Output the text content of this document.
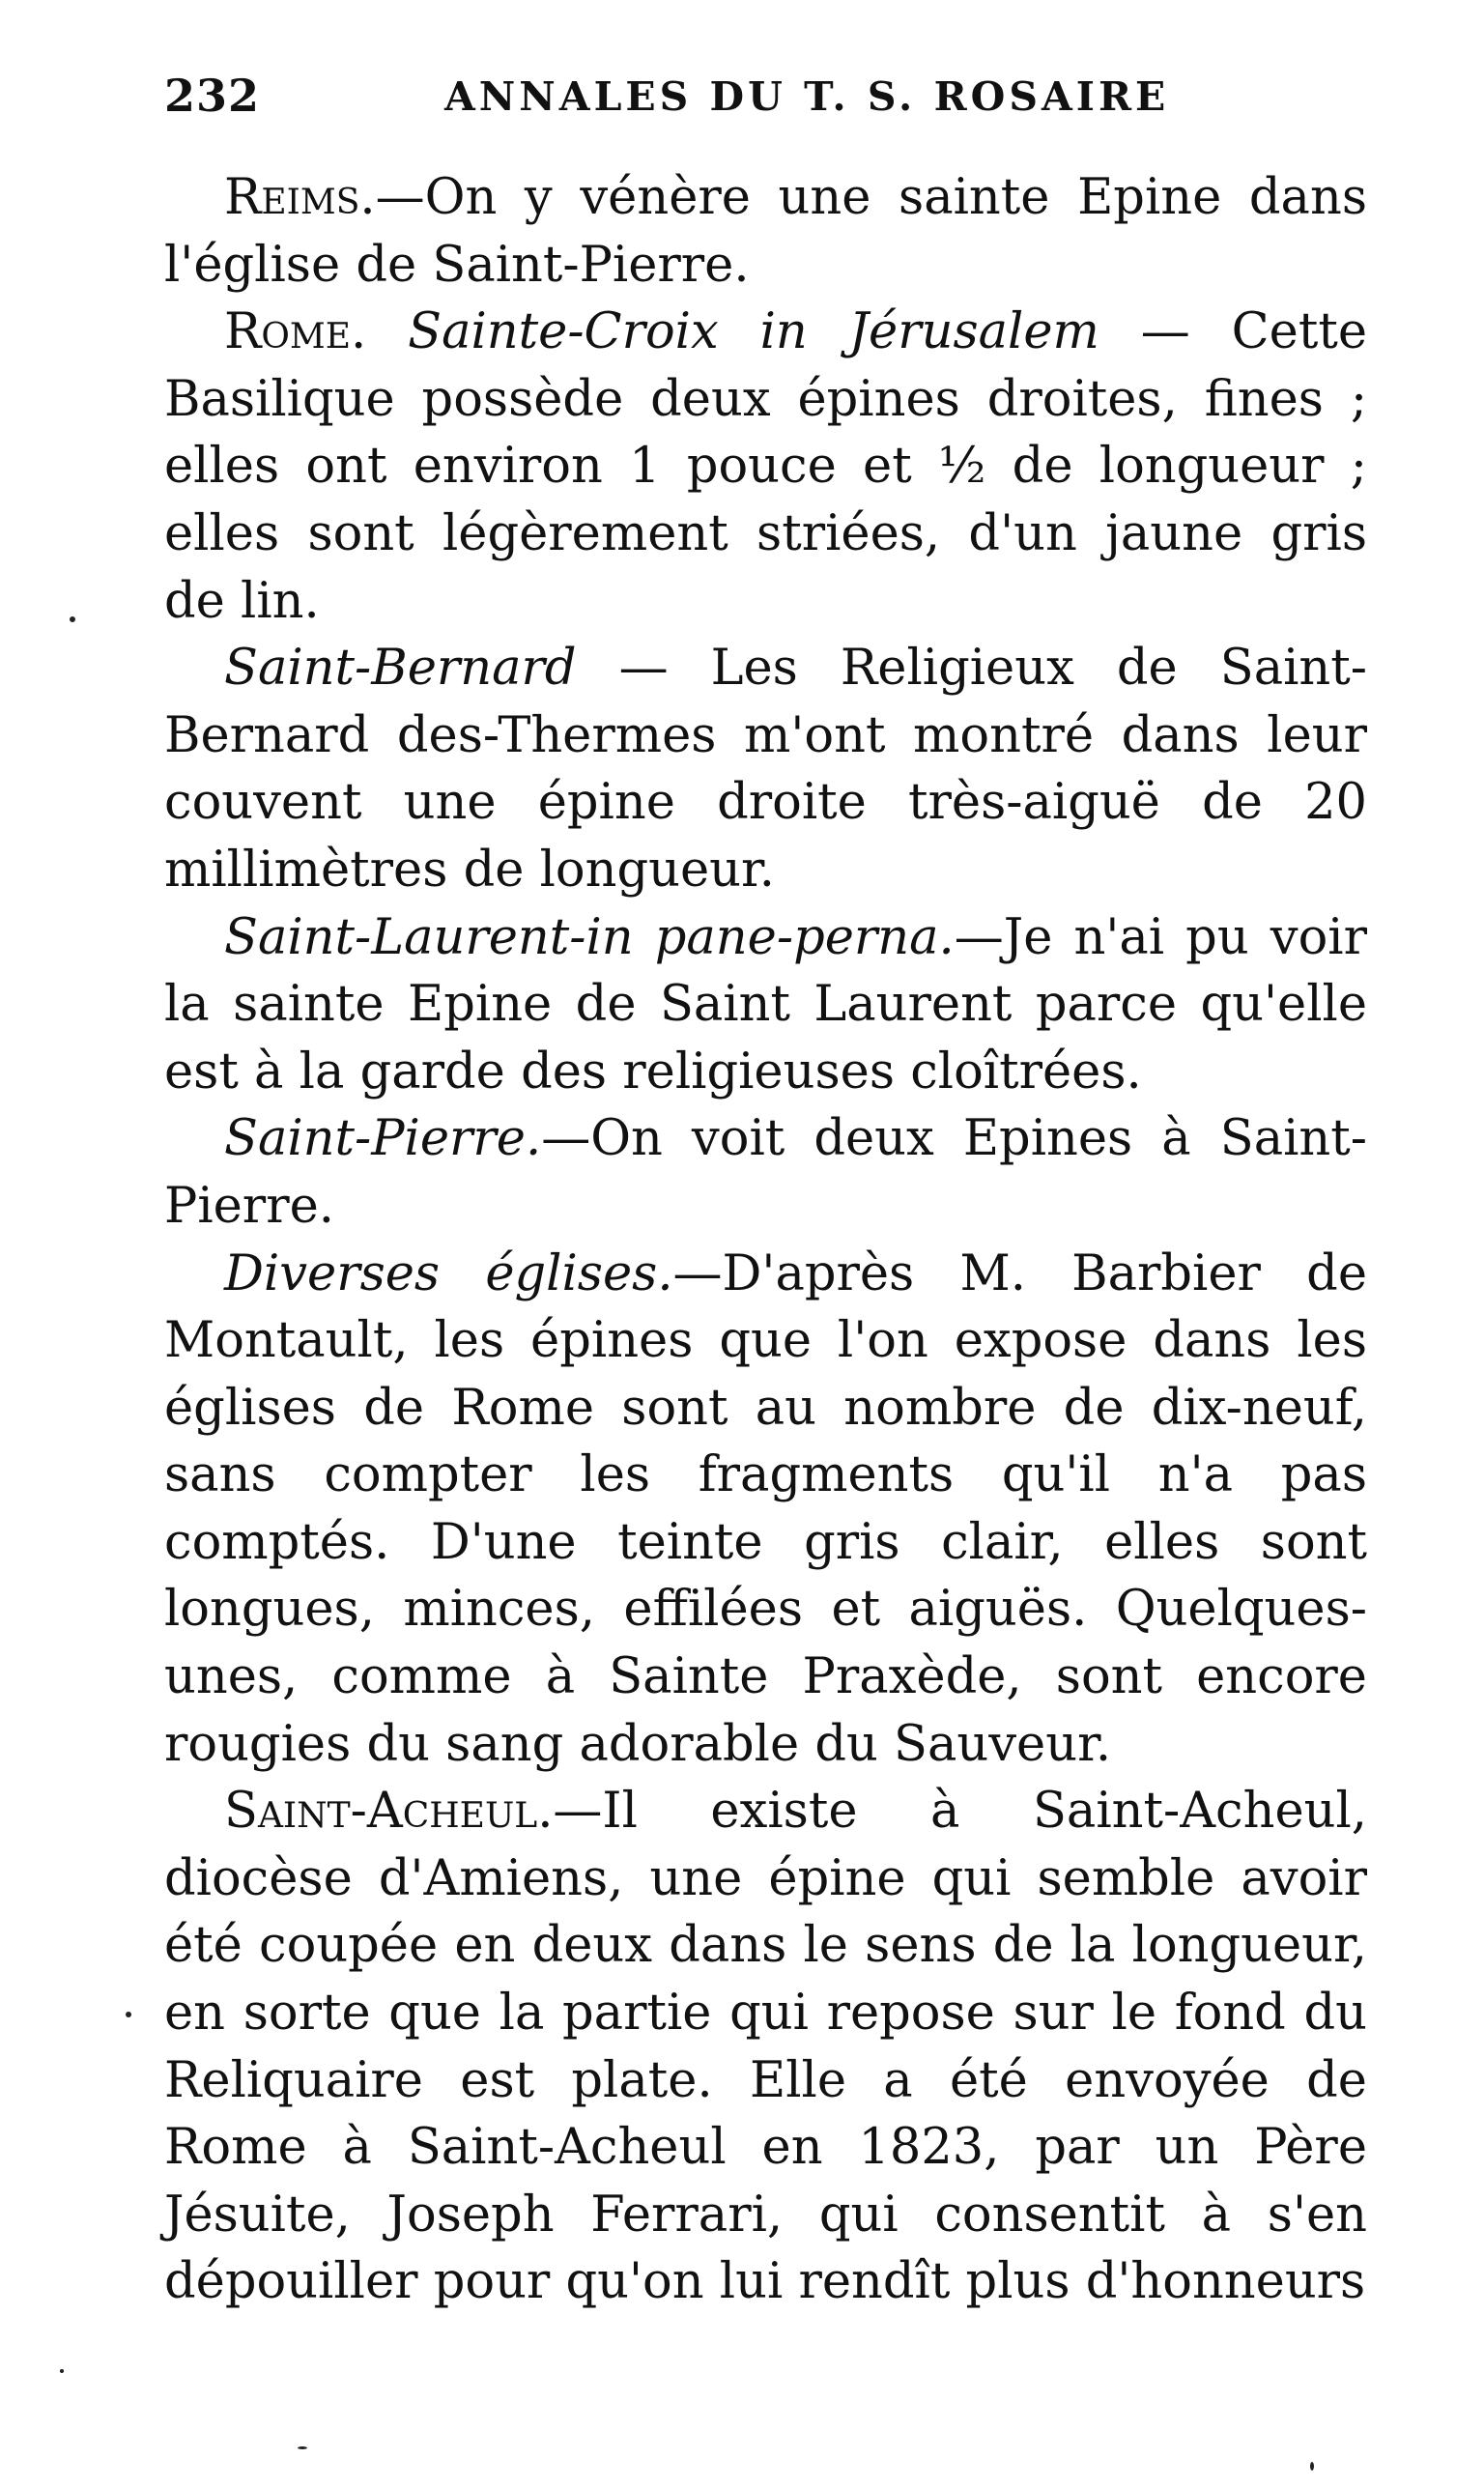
232	ANNALES DU T. S. ROSAIRE

Reims.—On y vénère une sainte Epine dans l'église de Saint-Pierre.

Rome. Sainte-Croix in Jérusalem — Cette Basilique possède deux épines droites, fines ; elles ont environ 1 pouce et ½ de longueur ; elles sont légèrement striées, d'un jaune gris de lin.

Saint-Bernard — Les Religieux de Saint-Bernard des-Thermes m'ont montré dans leur couvent une épine droite très-aiguë de 20 millimètres de longueur.

Saint-Laurent-in pane-perna.—Je n'ai pu voir la sainte Epine de Saint Laurent parce qu'elle est à la garde des religieuses cloîtrées.

Saint-Pierre.—On voit deux Epines à Saint-Pierre.

Diverses églises.—D'après M. Barbier de Montault, les épines que l'on expose dans les églises de Rome sont au nombre de dix-neuf, sans compter les fragments qu'il n'a pas comptés. D'une teinte gris clair, elles sont longues, minces, effilées et aiguës. Quelques-unes, comme à Sainte Praxède, sont encore rougies du sang adorable du Sauveur.

Saint-Acheul.—Il existe à Saint-Acheul, diocèse d'Amiens, une épine qui semble avoir été coupée en deux dans le sens de la longueur, en sorte que la partie qui repose sur le fond du Reliquaire est plate. Elle a été envoyée de Rome à Saint-Acheul en 1823, par un Père Jésuite, Joseph Ferrari, qui consentit à s'en dépouiller pour qu'on lui rendît plus d'honneurs
